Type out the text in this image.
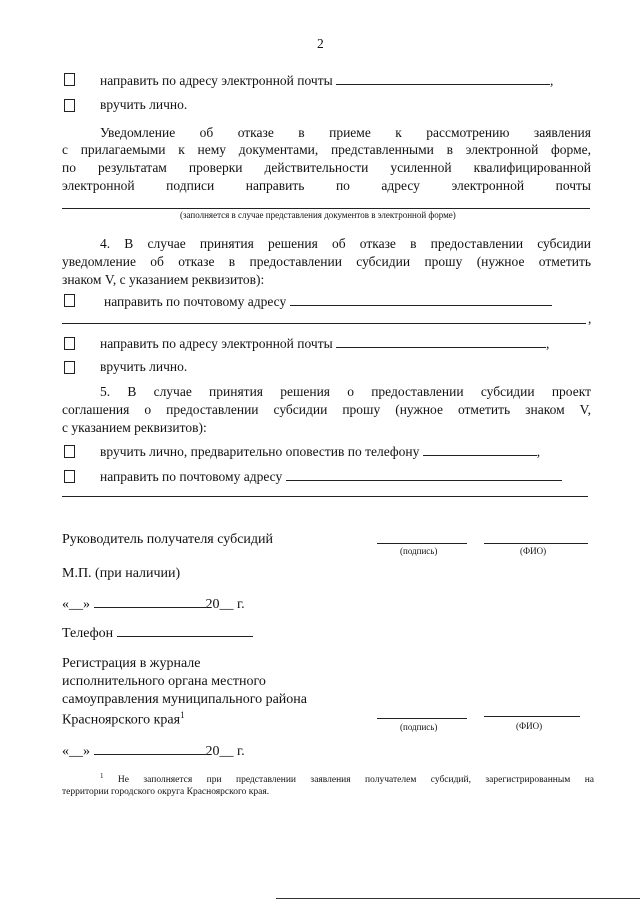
2
направить по адресу электронной почты	,
вручить лично.
Уведомление об отказе в приеме к рассмотрению заявления
с прилагаемыми к нему документами, представленными в электронной форме,
по результатам проверки действительности усиленной квалифицированной
электронной подписи направить по адресу электронной почты
(заполняется в случае представления документов в электронной форме)
4. В случае принятия решения об отказе в предоставлении субсидии
уведомление об отказе в предоставлении субсидии прошу (нужное отметить
знаком V, с указанием реквизитов):
направить по почтовому адресу
,
направить по адресу электронной почты	,
вручить лично.
5. В случае принятия решения о предоставлении субсидии проект
соглашения о предоставлении субсидии прошу (нужное отметить знаком V,
с указанием реквизитов):
вручить лично, предварительно оповестив по телефону	,
направить по почтовому адресу
Руководитель получателя субсидий
(подпись)	(ФИО)
М.П. (при наличии)
«__»	20__ г.
Телефон
Регистрация в журнале
исполнительного органа местного
самоуправления муниципального района
Красноярского края$^1$
(подпись)	(ФИО)
«__»	20__ г.
$^1$ Не заполняется при представлении заявления получателем субсидий, зарегистрированным на
территории городского округа Красноярского края.
